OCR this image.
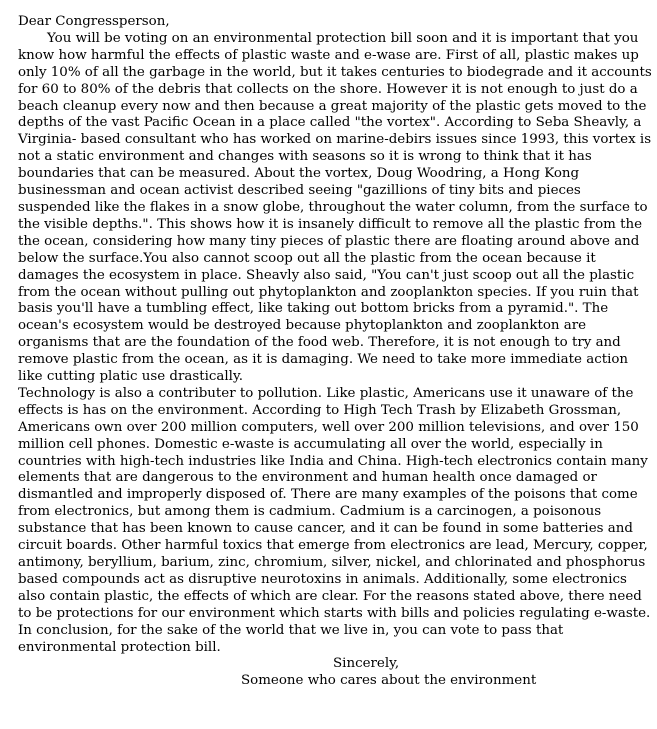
Dear Congressperson,

You will be voting on an environmental protection bill soon and it is important that you know how harmful the effects of plastic waste and e-wase are. First of all, plastic makes up only 10% of all the garbage in the world, but it takes centuries to biodegrade and it accounts for 60 to 80% of the debris that collects on the shore. However it is not enough to just do a beach cleanup every now and then because a great majority of the plastic gets moved to the depths of the vast Pacific Ocean in a place called "the vortex". According to Seba Sheavly, a Virginia- based consultant who has worked on marine-debirs issues since 1993, this vortex is not a static environment and changes with seasons so it is wrong to think that it has boundaries that can be measured. About the vortex, Doug Woodring, a Hong Kong businessman and ocean activist described seeing "gazillions of tiny bits and pieces suspended like the flakes in a snow globe, throughout the water column, from the surface to the visible depths.". This shows how it is insanely difficult to remove all the plastic from the the ocean, considering how many tiny pieces of plastic there are floating around above and below the surface.You also cannot scoop out all the plastic from the ocean because it damages the ecosystem in place. Sheavly also said, "You can't just scoop out all the plastic from the ocean without pulling out phytoplankton and zooplankton species. If you ruin that basis you'll have a tumbling effect, like taking out bottom bricks from a pyramid.". The ocean's ecosystem would be destroyed because phytoplankton and zooplankton are organisms that are the foundation of the food web. Therefore, it is not enough to try and remove plastic from the ocean, as it is damaging. We need to take more immediate action like cutting platic use drastically.

Technology is also a contributer to pollution. Like plastic, Americans use it unaware of the effects is has on the environment. According to High Tech Trash by Elizabeth Grossman, Americans own over 200 million computers, well over 200 million televisions, and over 150 million cell phones. Domestic e-waste is accumulating all over the world, especially in countries with high-tech industries like India and China. High-tech electronics contain many elements that are dangerous to the environment and human health once damaged or dismantled and improperly disposed of. There are many examples of the poisons that come from electronics, but among them is cadmium. Cadmium is a carcinogen, a poisonous substance that has been known to cause cancer, and it can be found in some batteries and circuit boards. Other harmful toxics that emerge from electronics are lead, Mercury, copper, antimony, beryllium, barium, zinc, chromium, silver, nickel, and chlorinated and phosphorus based compounds act as disruptive neurotoxins in animals. Additionally, some electronics also contain plastic, the effects of which are clear. For the reasons stated above, there need to be protections for our environment which starts with bills and policies regulating e-waste.

In conclusion, for the sake of the world that we live in, you can vote to pass that environmental protection bill.

Sincerely,

Someone who cares about the environment
